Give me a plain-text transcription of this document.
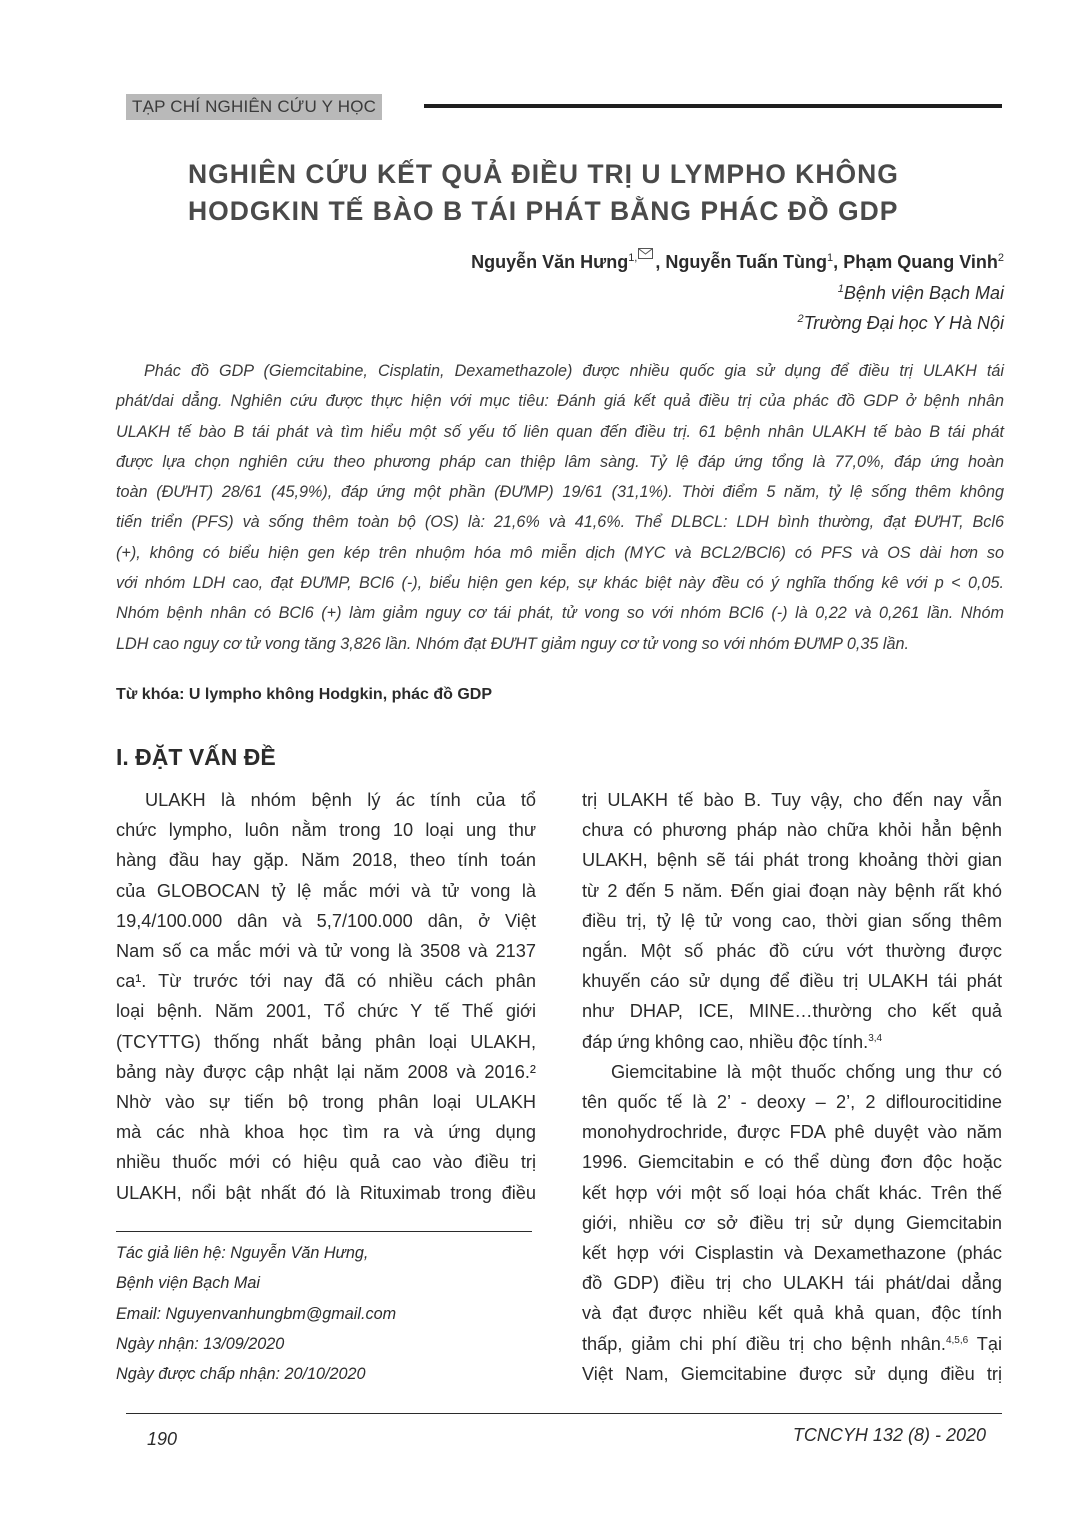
TẠP CHÍ NGHIÊN CỨU Y HỌC
NGHIÊN CỨU KẾT QUẢ ĐIỀU TRỊ U LYMPHO KHÔNG
HODGKIN TẾ BÀO B TÁI PHÁT BẰNG PHÁC ĐỒ GDP
Nguyễn Văn Hưng$^{1,}$ , Nguyễn Tuấn Tùng$^1$, Phạm Quang Vinh$^2$
$^1$Bệnh viện Bạch Mai
$^2$Trường Đại học Y Hà Nội
Phác đồ GDP (Giemcitabine, Cisplatin, Dexamethazole) được nhiều quốc gia sử dụng để điều trị ULAKH tái
phát/dai dẳng. Nghiên cứu được thực hiện với mục tiêu: Đánh giá kết quả điều trị của phác đồ GDP ở bệnh nhân
ULAKH tế bào B tái phát và tìm hiểu một số yếu tố liên quan đến điều trị. 61 bệnh nhân ULAKH tế bào B tái phát
được lựa chọn nghiên cứu theo phương pháp can thiệp lâm sàng. Tỷ lệ đáp ứng tổng là 77,0%, đáp ứng hoàn
toàn (ĐƯHT) 28/61 (45,9%), đáp ứng một phần (ĐƯMP) 19/61 (31,1%). Thời điểm 5 năm, tỷ lệ sống thêm không
tiến triển (PFS) và sống thêm toàn bộ (OS) là: 21,6% và 41,6%. Thể DLBCL: LDH bình thường, đạt ĐƯHT, Bcl6
(+), không có biểu hiện gen kép trên nhuộm hóa mô miễn dịch (MYC và BCL2/BCl6) có PFS và OS dài hơn so
với nhóm LDH cao, đạt ĐƯMP, BCl6 (-), biểu hiện gen kép, sự khác biệt này đều có ý nghĩa thống kê với p < 0,05.
Nhóm bệnh nhân có BCl6 (+) làm giảm nguy cơ tái phát, tử vong so với nhóm BCl6 (-) là 0,22 và 0,261 lần. Nhóm
LDH cao nguy cơ tử vong tăng 3,826 lần. Nhóm đạt ĐƯHT giảm nguy cơ tử vong so với nhóm ĐƯMP 0,35 lần.
Từ khóa: U lympho không Hodgkin, phác đồ GDP
I. ĐẶT VẤN ĐỀ
ULAKH là nhóm bệnh lý ác tính của tổ
chức lympho, luôn nằm trong 10 loại ung thư
hàng đầu hay gặp. Năm 2018, theo tính toán
của GLOBOCAN tỷ lệ mắc mới và tử vong là
19,4/100.000 dân và 5,7/100.000 dân, ở Việt
Nam số ca mắc mới và tử vong là 3508 và 2137
ca¹. Từ trước tới nay đã có nhiều cách phân
loại bệnh. Năm 2001, Tổ chức Y tế Thế giới
(TCYTTG) thống nhất bảng phân loại ULAKH,
bảng này được cập nhật lại năm 2008 và 2016.²
Nhờ vào sự tiến bộ trong phân loại ULAKH
mà các nhà khoa học tìm ra và ứng dụng
nhiều thuốc mới có hiệu quả cao vào điều trị
ULAKH, nổi bật nhất đó là Rituximab trong điều
trị ULAKH tế bào B. Tuy vậy, cho đến nay vẫn
chưa có phương pháp nào chữa khỏi hẳn bệnh
ULAKH, bệnh sẽ tái phát trong khoảng thời gian
từ 2 đến 5 năm. Đến giai đoạn này bệnh rất khó
điều trị, tỷ lệ tử vong cao, thời gian sống thêm
ngắn. Một số phác đồ cứu vớt thường được
khuyến cáo sử dụng để điều trị ULAKH tái phát
như DHAP, ICE, MINE…thường cho kết quả
đáp ứng không cao, nhiều độc tính.$^{3,4}$
Giemcitabine là một thuốc chống ung thư có
tên quốc tế là 2’ - deoxy – 2’, 2 diflourocitidine
monohydrochride, được FDA phê duyệt vào năm
1996. Giemcitabin e có thể dùng đơn độc hoặc
kết hợp với một số loại hóa chất khác. Trên thế
giới, nhiều cơ sở điều trị sử dụng Giemcitabin
kết hợp với Cisplastin và Dexamethazone (phác
đồ GDP) điều trị cho ULAKH tái phát/dai dẳng
và đạt được nhiều kết quả khả quan, độc tính
thấp, giảm chi phí điều trị cho bệnh nhân.$^{4,5,6}$ Tại
Việt Nam, Giemcitabine được sử dụng điều trị
Tác giả liên hệ: Nguyễn Văn Hưng,
Bệnh viện Bạch Mai
Email: Nguyenvanhungbm@gmail.com
Ngày nhận: 13/09/2020
Ngày được chấp nhận: 20/10/2020
190	TCNCYH 132 (8) - 2020
